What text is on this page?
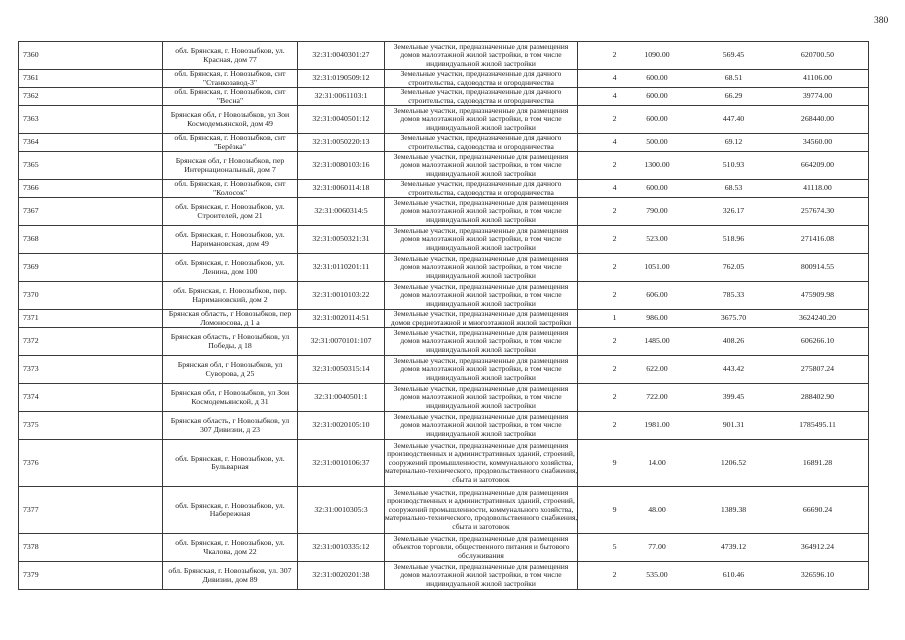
380
7360	обл. Брянская, г. Новозыбков, ул.
Красная, дом 77	32:31:0040301:27	Земельные участки, предназначенные для размещения
домов малоэтажной жилой застройки, в том числе
индивидуальной жилой застройки	2	1090.00	569.45	620700.50	
7361	обл. Брянская, г. Новозыбков, снт
"Станкозавод-3"	32:31:0190509:12	Земельные участки, предназначенные для дачного
строительства, садоводства и огородничества	4	600.00	68.51	41106.00	
7362	обл. Брянская, г. Новозыбков, снт
"Весна"	32:31:0061103:1	Земельные участки, предназначенные для дачного
строительства, садоводства и огородничества	4	600.00	66.29	39774.00	
7363	Брянская обл, г Новозыбков, ул Зои
Космодемьянской, дом 49	32:31:0040501:12	Земельные участки, предназначенные для размещения
домов малоэтажной жилой застройки, в том числе
индивидуальной жилой застройки	2	600.00	447.40	268440.00	
7364	обл. Брянская, г. Новозыбков, снт
"Берёзка"	32:31:0050220:13	Земельные участки, предназначенные для дачного
строительства, садоводства и огородничества	4	500.00	69.12	34560.00	
7365	Брянская обл, г Новозыбков, пер
Интернациональный, дом 7	32:31:0080103:16	Земельные участки, предназначенные для размещения
домов малоэтажной жилой застройки, в том числе
индивидуальной жилой застройки	2	1300.00	510.93	664209.00	
7366	обл. Брянская, г. Новозыбков, снт
"Колосок"	32:31:0060114:18	Земельные участки, предназначенные для дачного
строительства, садоводства и огородничества	4	600.00	68.53	41118.00	
7367	обл. Брянская, г. Новозыбков, ул.
Строителей, дом 21	32:31:0060314:5	Земельные участки, предназначенные для размещения
домов малоэтажной жилой застройки, в том числе
индивидуальной жилой застройки	2	790.00	326.17	257674.30	
7368	обл. Брянская, г. Новозыбков, ул.
Наримановская, дом 49	32:31:0050321:31	Земельные участки, предназначенные для размещения
домов малоэтажной жилой застройки, в том числе
индивидуальной жилой застройки	2	523.00	518.96	271416.08	
7369	обл. Брянская, г. Новозыбков, ул.
Ленина, дом 100	32:31:0110201:11	Земельные участки, предназначенные для размещения
домов малоэтажной жилой застройки, в том числе
индивидуальной жилой застройки	2	1051.00	762.05	800914.55	
7370	обл. Брянская, г. Новозыбков, пер.
Наримановский, дом 2	32:31:0010103:22	Земельные участки, предназначенные для размещения
домов малоэтажной жилой застройки, в том числе
индивидуальной жилой застройки	2	606.00	785.33	475909.98	
7371	Брянская область, г Новозыбков, пер
Ломоносова, д 1 а	32:31:0020114:51	Земельные участки, предназначенные для размещения
домов среднеэтажной и многоэтажной жилой застройки	1	986.00	3675.70	3624240.20	
7372	Брянская область, г Новозыбков, ул
Победы, д 18	32:31:0070101:107	Земельные участки, предназначенные для размещения
домов малоэтажной жилой застройки, в том числе
индивидуальной жилой застройки	2	1485.00	408.26	606266.10	
7373	Брянская обл, г Новозыбков, ул
Суворова, д 25	32:31:0050315:14	Земельные участки, предназначенные для размещения
домов малоэтажной жилой застройки, в том числе
индивидуальной жилой застройки	2	622.00	443.42	275807.24	
7374	Брянская обл, г Новозыбков, ул Зои
Космодемьянской, д 31	32:31:0040501:1	Земельные участки, предназначенные для размещения
домов малоэтажной жилой застройки, в том числе
индивидуальной жилой застройки	2	722.00	399.45	288402.90	
7375	Брянская область, г Новозыбков, ул
307 Дивизии, д 23	32:31:0020105:10	Земельные участки, предназначенные для размещения
домов малоэтажной жилой застройки, в том числе
индивидуальной жилой застройки	2	1981.00	901.31	1785495.11	
7376	обл. Брянская, г. Новозыбков, ул.
Бульварная	32:31:0010106:37	Земельные участки, предназначенные для размещения
производственных и административных зданий, строений,
сооружений промышленности, коммунального хозяйства,
материально-технического, продовольственного снабжения,
сбыта и заготовок	9	14.00	1206.52	16891.28	
7377	обл. Брянская, г. Новозыбков, ул.
Набережная	32:31:0010305:3	Земельные участки, предназначенные для размещения
производственных и административных зданий, строений,
сооружений промышленности, коммунального хозяйства,
материально-технического, продовольственного снабжения,
сбыта и заготовок	9	48.00	1389.38	66690.24	
7378	обл. Брянская, г. Новозыбков, ул.
Чкалова, дом 22	32:31:0010335:12	Земельные участки, предназначенные для размещения
объектов торговли, общественного питания и бытового
обслуживания	5	77.00	4739.12	364912.24	
7379	обл. Брянская, г. Новозыбков, ул. 307
Дивизии, дом 89	32:31:0020201:38	Земельные участки, предназначенные для размещения
домов малоэтажной жилой застройки, в том числе
индивидуальной жилой застройки	2	535.00	610.46	326596.10	
